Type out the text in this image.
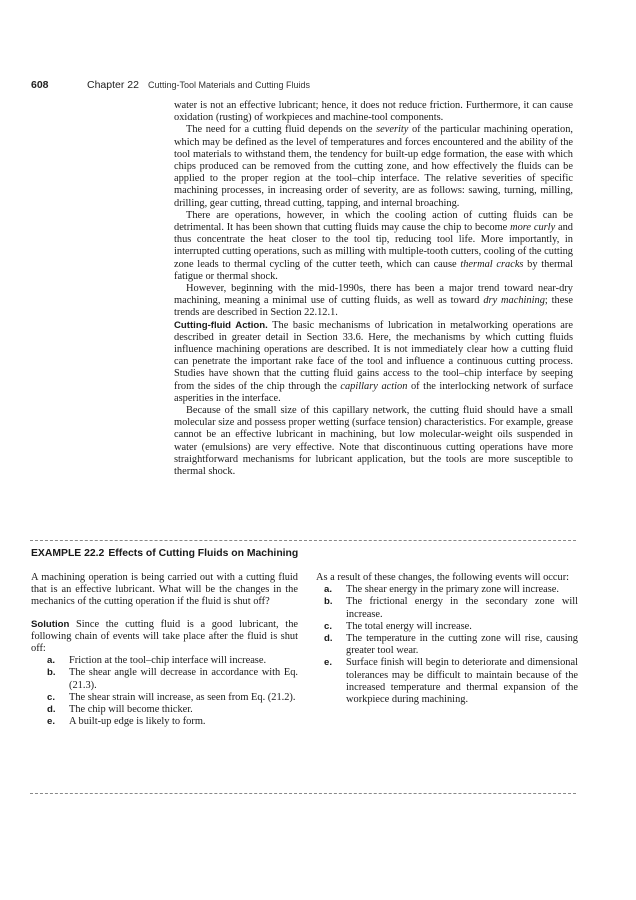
608	Chapter 22 Cutting-Tool Materials and Cutting Fluids

water is not an effective lubricant; hence, it does not reduce friction. Furthermore, it can cause oxidation (rusting) of workpieces and machine-tool components.

The need for a cutting fluid depends on the severity of the particular machining operation, which may be defined as the level of temperatures and forces encountered and the ability of the tool materials to withstand them, the tendency for built-up edge formation, the ease with which chips produced can be removed from the cutting zone, and how effectively the fluids can be applied to the proper region at the tool–chip interface. The relative severities of specific machining processes, in increasing order of severity, are as follows: sawing, turning, milling, drilling, gear cutting, thread cutting, tapping, and internal broaching.

There are operations, however, in which the cooling action of cutting fluids can be detrimental. It has been shown that cutting fluids may cause the chip to become more curly and thus concentrate the heat closer to the tool tip, reducing tool life. More importantly, in interrupted cutting operations, such as milling with multiple-tooth cutters, cooling of the cutting zone leads to thermal cycling of the cutter teeth, which can cause thermal cracks by thermal fatigue or thermal shock.

However, beginning with the mid-1990s, there has been a major trend toward near-dry machining, meaning a minimal use of cutting fluids, as well as toward dry machining; these trends are described in Section 22.12.1.

Cutting-fluid Action. The basic mechanisms of lubrication in metalworking operations are described in greater detail in Section 33.6. Here, the mechanisms by which cutting fluids influence machining operations are described. It is not immediately clear how a cutting fluid can penetrate the important rake face of the tool and influence a continuous cutting process. Studies have shown that the cutting fluid gains access to the tool–chip interface by seeping from the sides of the chip through the capillary action of the interlocking network of surface asperities in the interface.

Because of the small size of this capillary network, the cutting fluid should have a small molecular size and possess proper wetting (surface tension) characteristics. For example, grease cannot be an effective lubricant in machining, but low molecular-weight oils suspended in water (emulsions) are very effective. Note that discontinuous cutting operations have more straightforward mechanisms for lubricant application, but the tools are more susceptible to thermal shock.

EXAMPLE 22.2 Effects of Cutting Fluids on Machining

A machining operation is being carried out with a cutting fluid that is an effective lubricant. What will be the changes in the mechanics of the cutting operation if the fluid is shut off?

Solution Since the cutting fluid is a good lubricant, the following chain of events will take place after the fluid is shut off:

a. Friction at the tool–chip interface will increase.
b. The shear angle will decrease in accordance with Eq. (21.3).
c. The shear strain will increase, as seen from Eq. (21.2).
d. The chip will become thicker.
e. A built-up edge is likely to form.

As a result of these changes, the following events will occur:

a. The shear energy in the primary zone will increase.
b. The frictional energy in the secondary zone will increase.
c. The total energy will increase.
d. The temperature in the cutting zone will rise, causing greater tool wear.
e. Surface finish will begin to deteriorate and dimensional tolerances may be difficult to maintain because of the increased temperature and thermal expansion of the workpiece during machining.
